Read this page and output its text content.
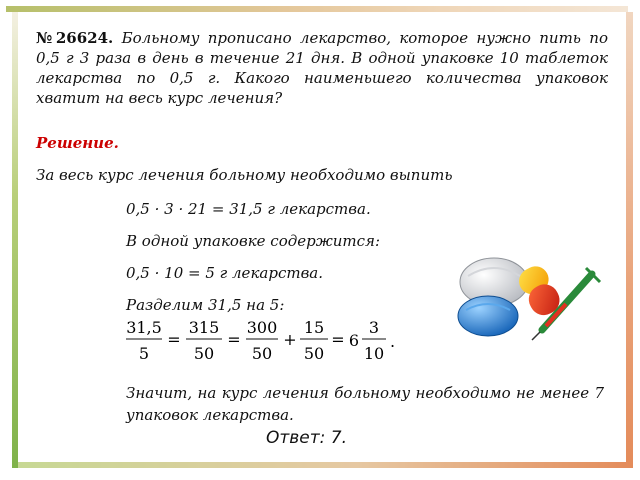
№26624. Больному прописано лекарство, которое нужно пить по 0,5 г 3 раза в день в течение 21 дня. В одной упаковке 10 таблеток лекарства по 0,5 г. Какого наименьшего количества упаковок хватит на весь курс лечения?
Решение.
За весь курс лечения больному необходимо выпить
0,5 · 3 · 21 = 31,5 г лекарства.
В одной упаковке содержится:
0,5 · 10 = 5 г лекарства.
Разделим 31,5 на 5:
31,5
5
=
315
50
=
300
50
+
15
50
= 6
3
10
.
Значит, на курс лечения больному необходимо не менее 7 упаковок лекарства.
Ответ: 7.
